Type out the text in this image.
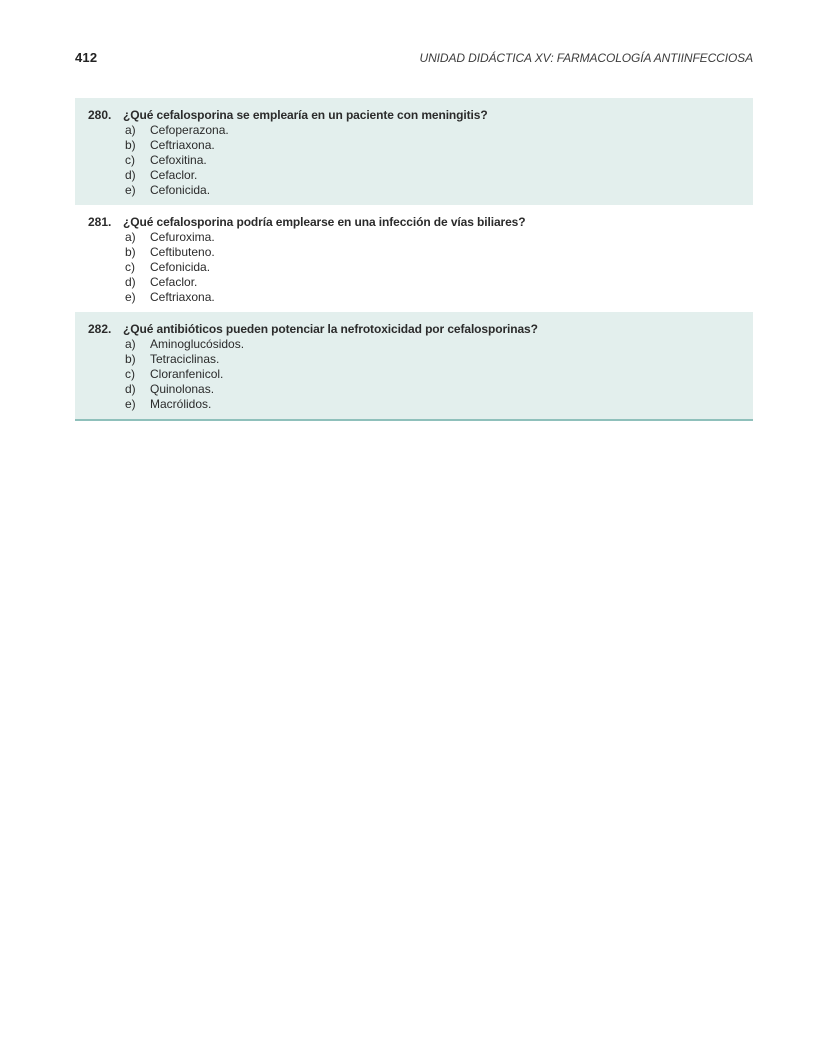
412	UNIDAD DIDÁCTICA XV: FARMACOLOGÍA ANTIINFECCIOSA
280. ¿Qué cefalosporina se emplearía en un paciente con meningitis?
a)	Cefoperazona.
b)	Ceftriaxona.
c)	Cefoxitina.
d)	Cefaclor.
e)	Cefonicida.
281. ¿Qué cefalosporina podría emplearse en una infección de vías biliares?
a)	Cefuroxima.
b)	Ceftibuteno.
c)	Cefonicida.
d)	Cefaclor.
e)	Ceftriaxona.
282. ¿Qué antibióticos pueden potenciar la nefrotoxicidad por cefalosporinas?
a)	Aminoglucósidos.
b)	Tetraciclinas.
c)	Cloranfenicol.
d)	Quinolonas.
e)	Macrólidos.
